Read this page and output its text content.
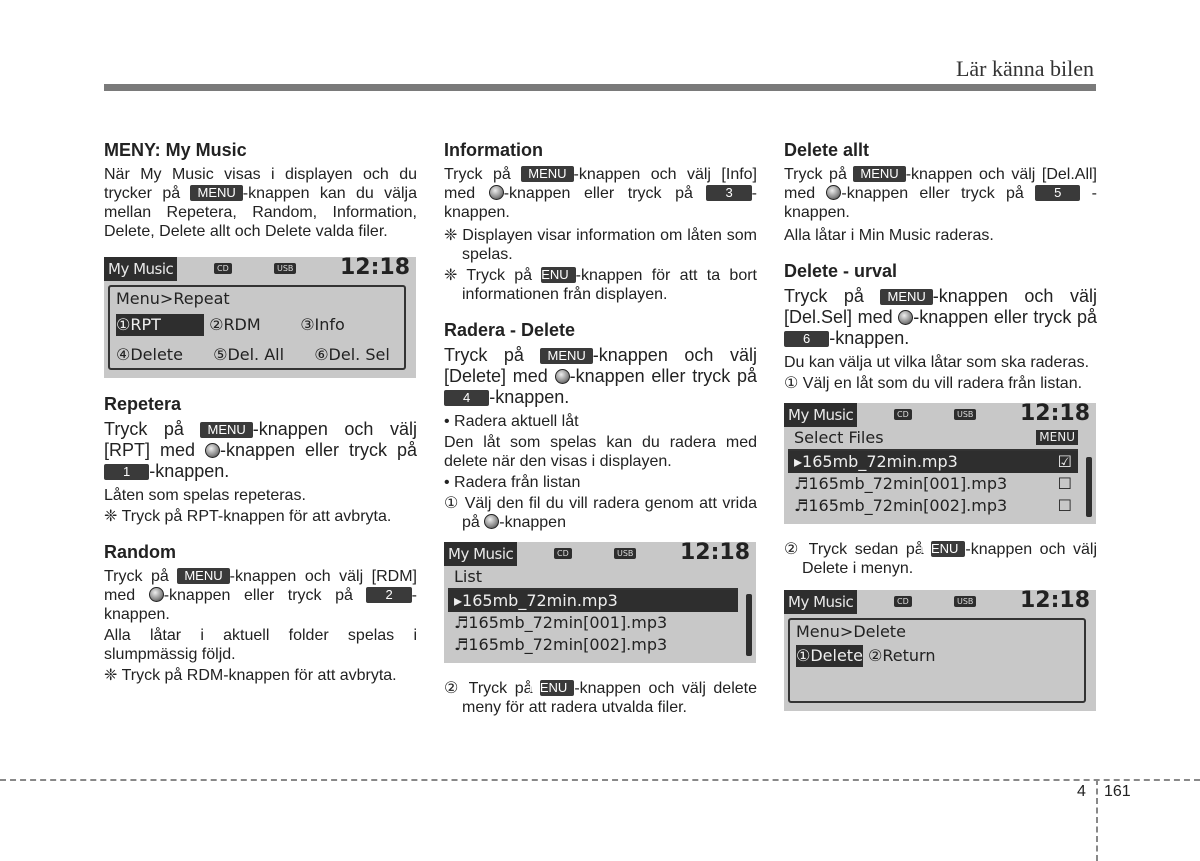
Lär känna bilen
MENY: My Music

När My Music visas i displayen och du trycker på MENU -knappen kan du välja mellan Repetera, Random, Information, Delete, Delete allt och Delete valda filer.

My Music	CD	USB 12:18
Menu>Repeat
①RPT	②RDM ③Info
④Delete ⑤Del. All ⑥Del. Sel
Repetera

Tryck på MENU -knappen och välj [RPT] med -knappen eller tryck på 1 -knappen.

Låten som spelas repeteras.

❈ Tryck på RPT-knappen för att avbryta.

Random

Tryck på MENU -knappen och välj [RDM] med -knappen eller tryck på 2 -knappen.

Alla låtar i aktuell folder spelas i slumpmässig följd.

❈ Tryck på RDM-knappen för att avbryta.

Information

Tryck på MENU -knappen och välj [Info] med -knappen eller tryck på 3 -knappen.

❈ Displayen visar information om låten som spelas.

❈ Tryck på MENU -knappen för att ta bort informationen från displayen.

Radera - Delete

Tryck på MENU -knappen och välj [Delete] med -knappen eller tryck på 4 -knappen.

• Radera aktuell låt

Den låt som spelas kan du radera med delete när den visas i displayen.

• Radera från listan

① Välj den fil du vill radera genom att vrida på -knappen

My Music	CD	USB 12:18
List
▸165mb_72min.mp3
♬165mb_72min[001].mp3
♬165mb_72min[002].mp3

② Tryck på MENU -knappen och välj delete meny för att radera utvalda filer.

Delete allt

Tryck på MENU -knappen och välj [Del.All] med -knappen eller tryck på 5 -knappen.

Alla låtar i Min Music raderas.

Delete - urval

Tryck på MENU -knappen och välj [Del.Sel] med -knappen eller tryck på 6 -knappen.

Du kan välja ut vilka låtar som ska raderas.

① Välj en låt som du vill radera från listan.

My Music	CD	USB 12:18
Select Files	MENU
▸165mb_72min.mp3	☑
♬165mb_72min[001].mp3	☐
♬165mb_72min[002].mp3	☐

② Tryck sedan på MENU -knappen och välj Delete i menyn.

My Music	CD	USB 12:18
Menu>Delete
①Delete ②Return
4 161
